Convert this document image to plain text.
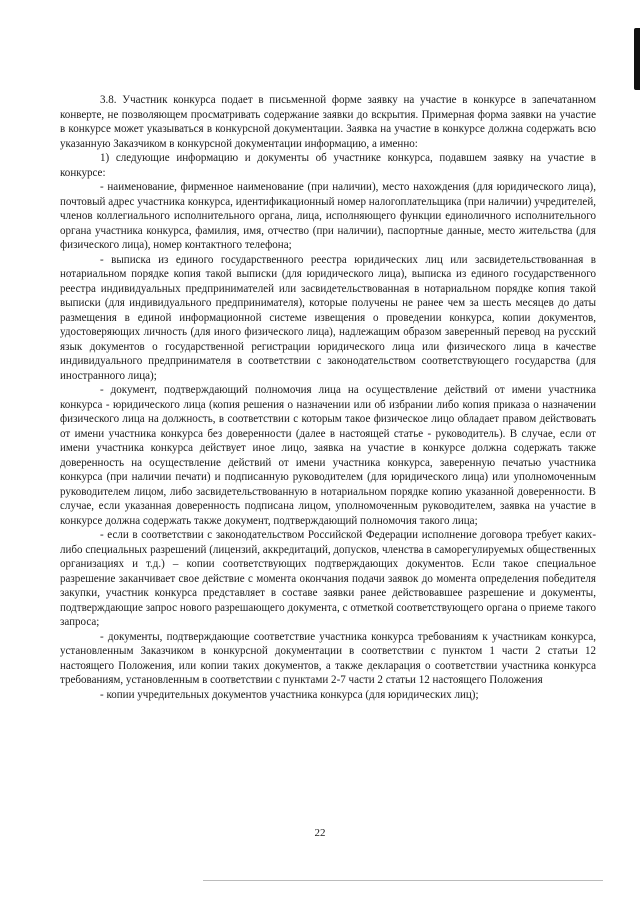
3.8. Участник конкурса подает в письменной форме заявку на участие в конкурсе в запечатанном конверте, не позволяющем просматривать содержание заявки до вскрытия. Примерная форма заявки на участие в конкурсе может указываться в конкурсной документации. Заявка на участие в конкурсе должна содержать всю указанную Заказчиком в конкурсной документации информацию, а именно:

1) следующие информацию и документы об участнике конкурса, подавшем заявку на участие в конкурсе:

- наименование, фирменное наименование (при наличии), место нахождения (для юридического лица), почтовый адрес участника конкурса, идентификационный номер налогоплательщика (при наличии) учредителей, членов коллегиального исполнительного органа, лица, исполняющего функции единоличного исполнительного органа участника конкурса, фамилия, имя, отчество (при наличии), паспортные данные, место жительства (для физического лица), номер контактного телефона;

- выписка из единого государственного реестра юридических лиц или засвидетельствованная в нотариальном порядке копия такой выписки (для юридического лица), выписка из единого государственного реестра индивидуальных предпринимателей или засвидетельствованная в нотариальном порядке копия такой выписки (для индивидуального предпринимателя), которые получены не ранее чем за шесть месяцев до даты размещения в единой информационной системе извещения о проведении конкурса, копии документов, удостоверяющих личность (для иного физического лица), надлежащим образом заверенный перевод на русский язык документов о государственной регистрации юридического лица или физического лица в качестве индивидуального предпринимателя в соответствии с законодательством соответствующего государства (для иностранного лица);

- документ, подтверждающий полномочия лица на осуществление действий от имени участника конкурса - юридического лица (копия решения о назначении или об избрании либо копия приказа о назначении физического лица на должность, в соответствии с которым такое физическое лицо обладает правом действовать от имени участника конкурса без доверенности (далее в настоящей статье - руководитель). В случае, если от имени участника конкурса действует иное лицо, заявка на участие в конкурсе должна содержать также доверенность на осуществление действий от имени участника конкурса, заверенную печатью участника конкурса (при наличии печати) и подписанную руководителем (для юридического лица) или уполномоченным руководителем лицом, либо засвидетельствованную в нотариальном порядке копию указанной доверенности. В случае, если указанная доверенность подписана лицом, уполномоченным руководителем, заявка на участие в конкурсе должна содержать также документ, подтверждающий полномочия такого лица;

- если в соответствии с законодательством Российской Федерации исполнение договора требует каких-либо специальных разрешений (лицензий, аккредитаций, допусков, членства в саморегулируемых общественных организациях и т.д.) – копии соответствующих подтверждающих документов. Если такое специальное разрешение заканчивает свое действие с момента окончания подачи заявок до момента определения победителя закупки, участник конкурса представляет в составе заявки ранее действовавшее разрешение и документы, подтверждающие запрос нового разрешающего документа, с отметкой соответствующего органа о приеме такого запроса;

- документы, подтверждающие соответствие участника конкурса требованиям к участникам конкурса, установленным Заказчиком в конкурсной документации в соответствии с пунктом 1 части 2 статьи 12 настоящего Положения, или копии таких документов, а также декларация о соответствии участника конкурса требованиям, установленным в соответствии с пунктами 2-7 части 2 статьи 12 настоящего Положения

- копии учредительных документов участника конкурса (для юридических лиц);

22
